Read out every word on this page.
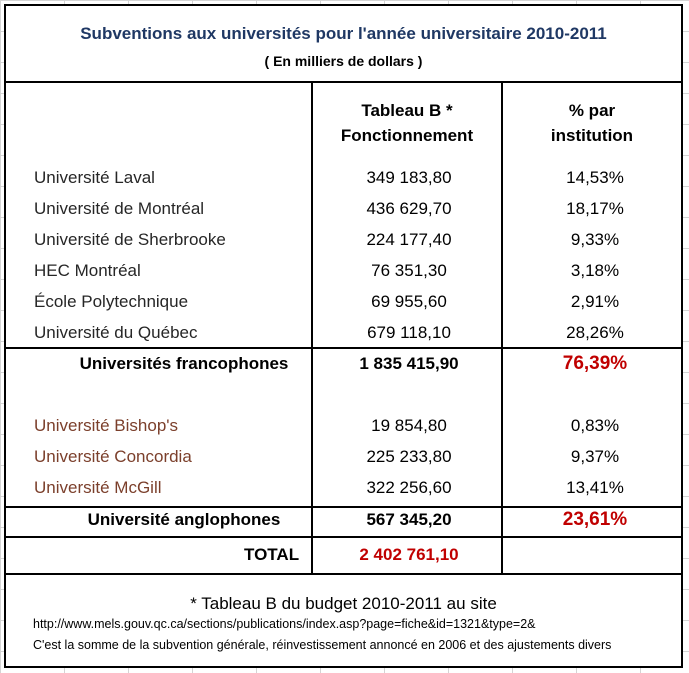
Subventions aux universités pour l'année universitaire 2010-2011
( En milliers de dollars )
Tableau B *
Fonctionnement
% par
institution
Université Laval	349 183,80	14,53%
Université de Montréal	436 629,70	18,17%
Université de Sherbrooke	224 177,40	9,33%
HEC Montréal	76 351,30	3,18%
École Polytechnique	69 955,60	2,91%
Université du Québec	679 118,10	28,26%
Universités francophones	1 835 415,90	76,39%
Université Bishop's	19 854,80	0,83%
Université Concordia	225 233,80	9,37%
Université McGill	322 256,60	13,41%
Université anglophones	567 345,20	23,61%
TOTAL	2 402 761,10
* Tableau B du budget 2010-2011 au site
http://www.mels.gouv.qc.ca/sections/publications/index.asp?page=fiche&id=1321&type=2&
C'est la somme de la subvention générale, réinvestissement annoncé en 2006 et des ajustements divers
